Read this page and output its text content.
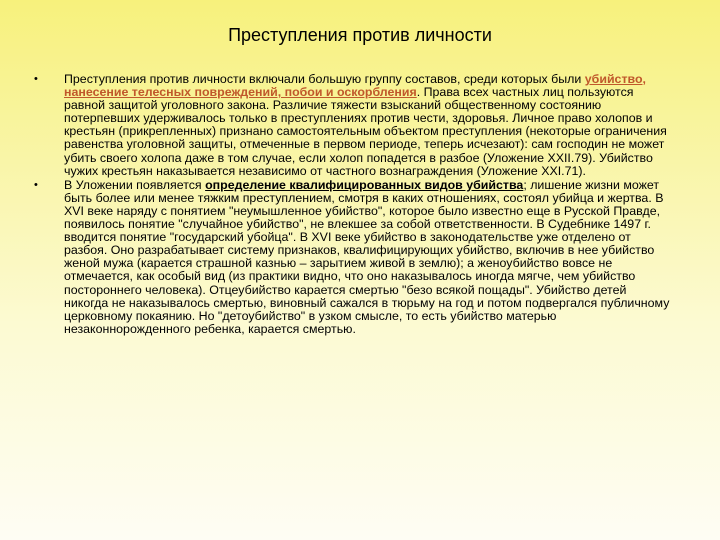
Преступления против личности
•	Преступления против личности включали большую группу составов, среди которых были убийство, нанесение телесных повреждений, побои и оскорбления. Права всех частных лиц пользуются равной защитой уголовного закона. Различие тяжести взысканий общественному состоянию потерпевших удерживалось только в преступлениях против чести, здоровья. Личное право холопов и крестьян (прикрепленных) признано самостоятельным объектом преступления (некоторые ограничения равенства уголовной защиты, отмеченные в первом периоде, теперь исчезают): сам господин не может убить своего холопа даже в том случае, если холоп попадется в разбое (Уложение XXII.79). Убийство чужих крестьян наказывается независимо от частного вознаграждения (Уложение XXI.71).
•	В Уложении появляется определение квалифицированных видов убийства; лишение жизни может быть более или менее тяжким преступлением, смотря в каких отношениях, состоял убийца и жертва. В XVI веке наряду с понятием "неумышленное убийство", которое было известно еще в Русской Правде, появилось понятие "случайное убийство", не влекшее за собой ответственности. В Судебнике 1497 г. вводится понятие "государский убойца". В XVI веке убийство в законодательстве уже отделено от разбоя. Оно разрабатывает систему признаков, квалифицирующих убийство, включив в нее убийство женой мужа (карается страшной казнью – зарытием живой в землю); а женоубийство вовсе не отмечается, как особый вид (из практики видно, что оно наказывалось иногда мягче, чем убийство постороннего человека). Отцеубийство карается смертью "безо всякой пощады". Убийство детей никогда не наказывалось смертью, виновный сажался в тюрьму на год и потом подвергался публичному церковному покаянию. Но "детоубийство" в узком смысле, то есть убийство матерью незаконнорожденного ребенка, карается смертью.
